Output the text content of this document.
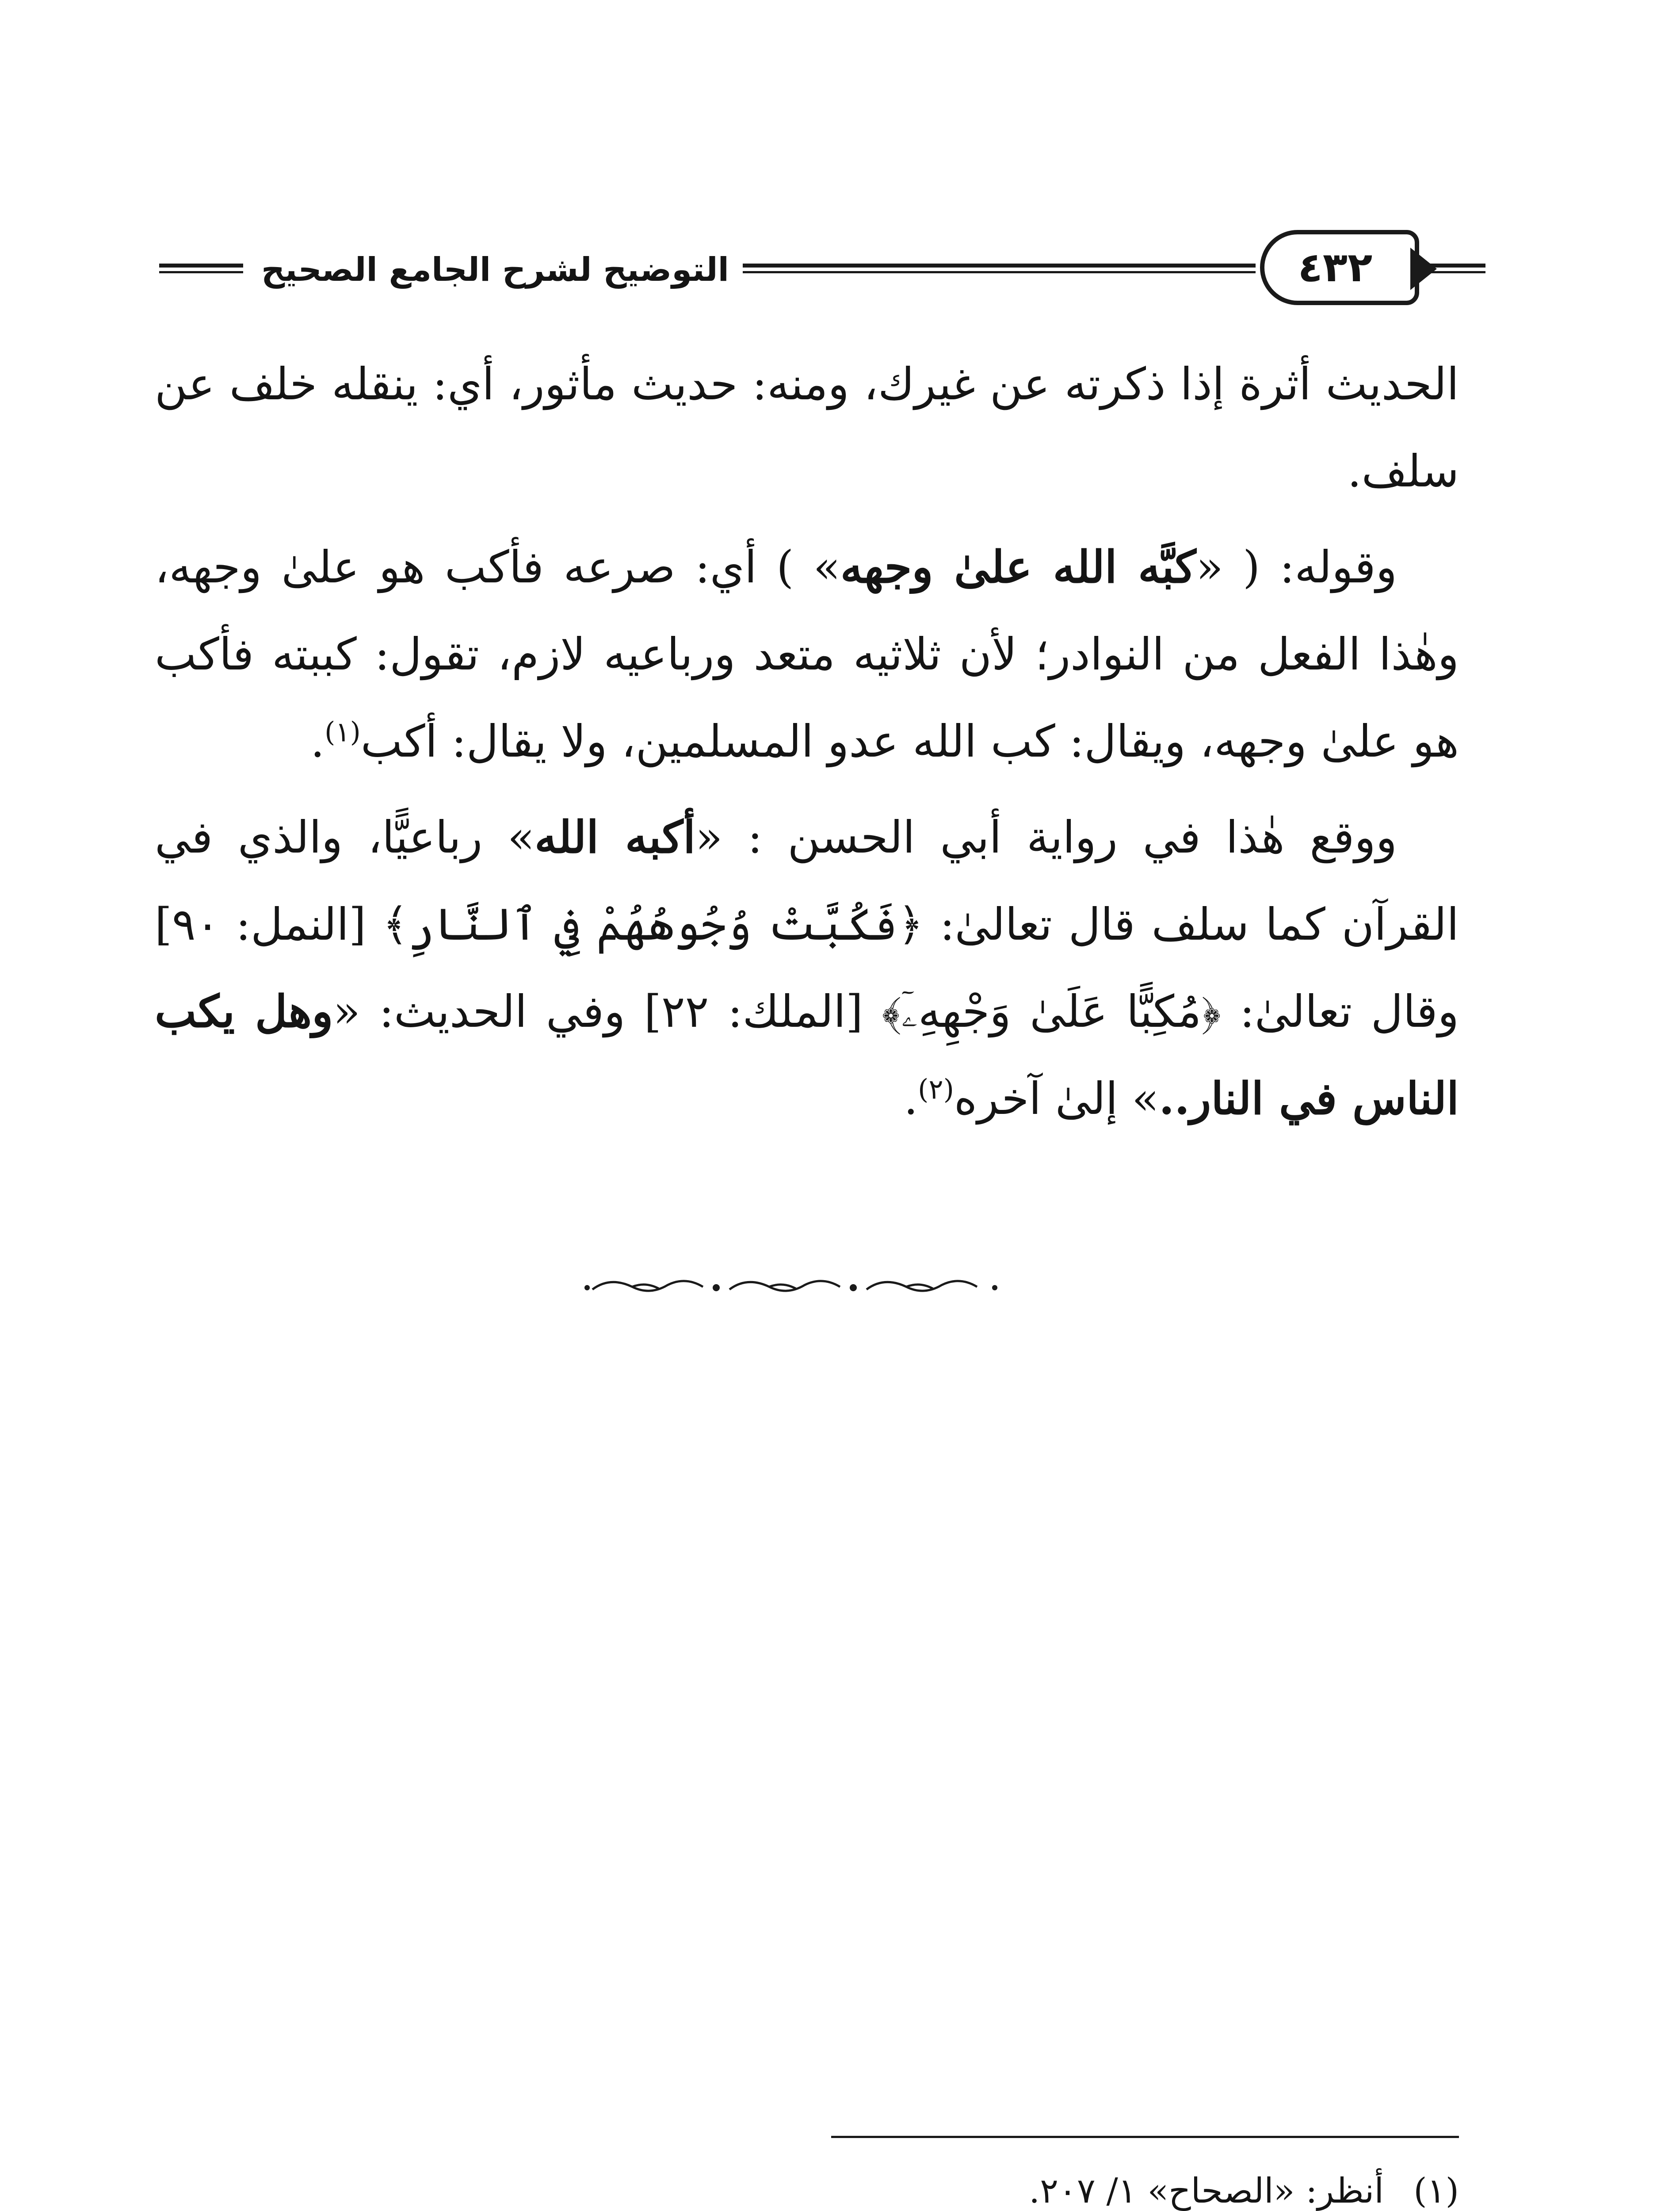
التوضيح لشرح الجامع الصحيح	٤٣٢

الحديث أثرة إذا ذكرته عن غيرك، ومنه: حديث مأثور، أي: ينقله خلف عن سلف.

وقوله: ( «كبَّه الله علىٰ وجهه» ) أي: صرعه فأكب هو علىٰ وجهه، وهٰذا الفعل من النوادر؛ لأن ثلاثيه متعد ورباعيه لازم، تقول: كببته فأكب هو علىٰ وجهه، ويقال: كب الله عدو المسلمين، ولا يقال: أكب$^{(١)}$.

ووقع هٰذا في رواية أبي الحسن : «أكبه الله» رباعيًّا، والذي في القرآن كما سلف قال تعالىٰ: ﴿فَكُبَّتْ وُجُوهُهُمْ فِي ٱلنَّارِ﴾ [النمل: ٩٠] وقال تعالىٰ: ﴿مُكِبًّا عَلَىٰ وَجْهِهِۦٓ﴾ [الملك: ٢٢] وفي الحديث: «وهل يكب الناس في النار..» إلىٰ آخره$^{(٢)}$.

(١)
أنظر: «الصحاح» ١/ ٢٠٧.
